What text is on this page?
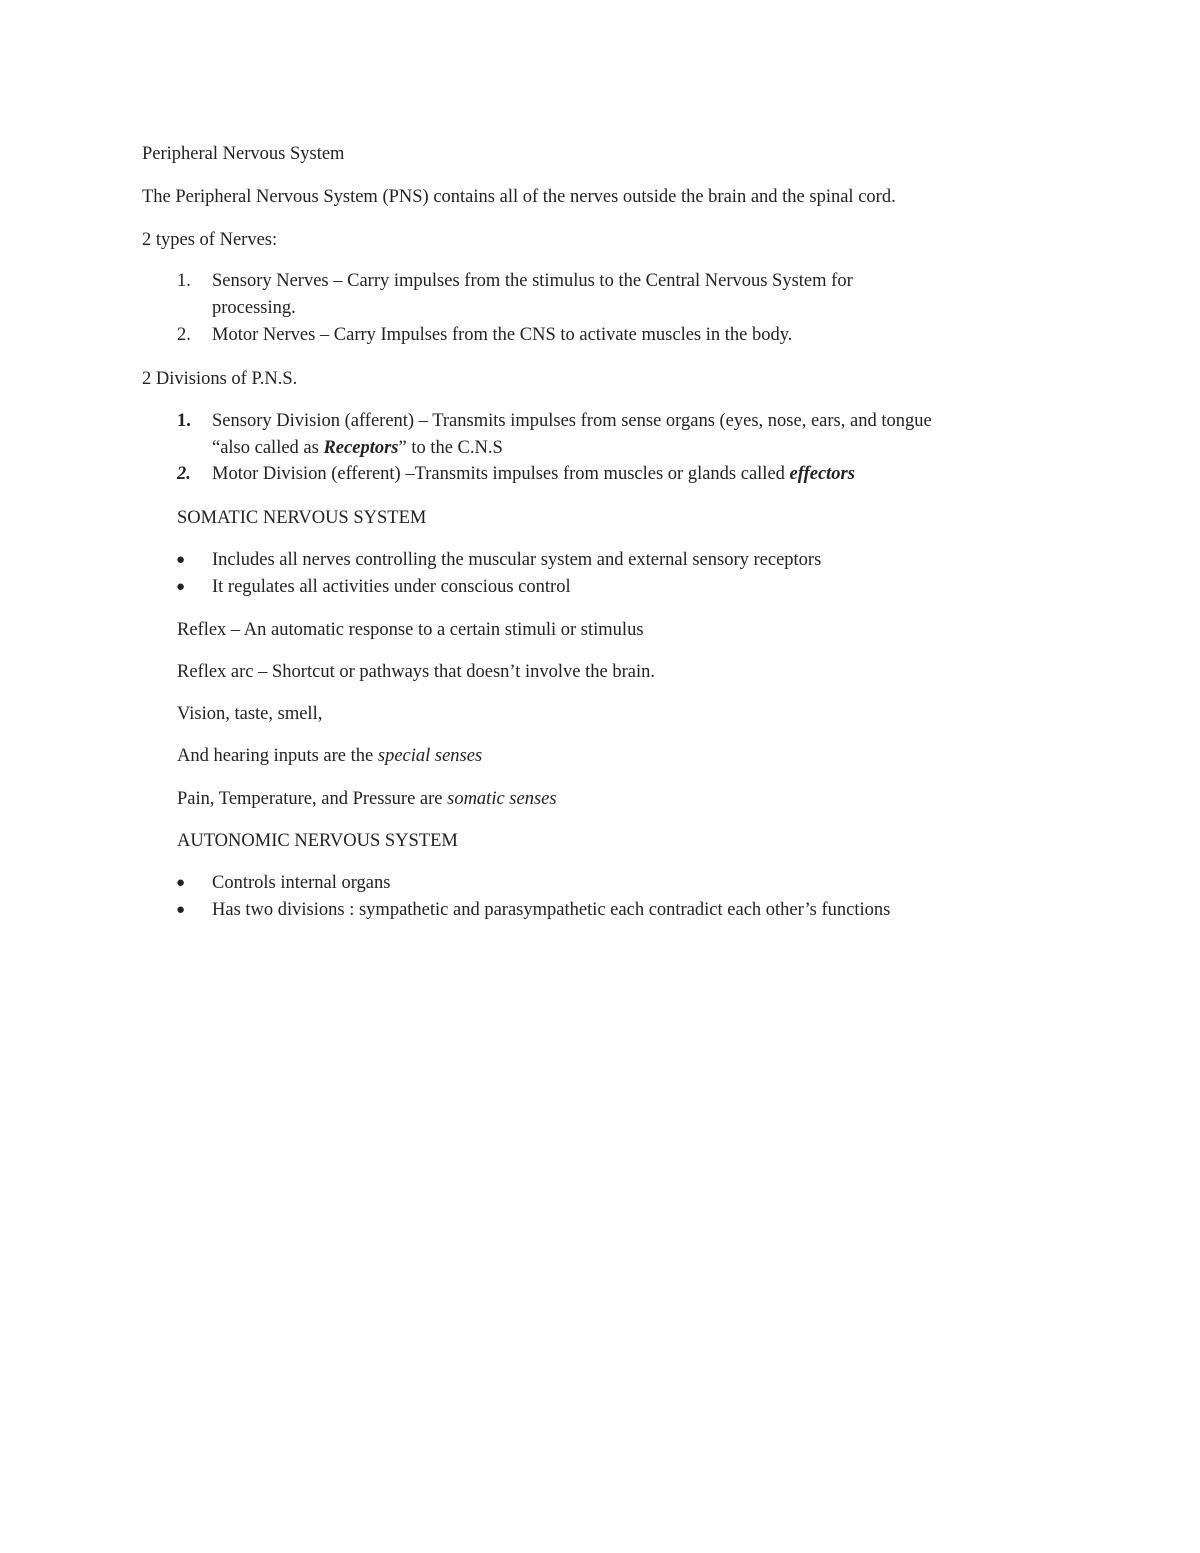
Peripheral Nervous System
The Peripheral Nervous System (PNS) contains all of the nerves outside the brain and the spinal cord.
2 types of Nerves:
1.	Sensory Nerves – Carry impulses from the stimulus to the Central Nervous System for
processing.
2.	Motor Nerves – Carry Impulses from the CNS to activate muscles in the body.
2 Divisions of P.N.S.
1.	Sensory Division (afferent) – Transmits impulses from sense organs (eyes, nose, ears, and tongue
“also called as Receptors” to the C.N.S
2.	Motor Division (efferent) –Transmits impulses from muscles or glands called effectors
SOMATIC NERVOUS SYSTEM
●	Includes all nerves controlling the muscular system and external sensory receptors
●	It regulates all activities under conscious control
Reflex – An automatic response to a certain stimuli or stimulus
Reflex arc – Shortcut or pathways that doesn’t involve the brain.
Vision, taste, smell,
And hearing inputs are the special senses
Pain, Temperature, and Pressure are somatic senses
AUTONOMIC NERVOUS SYSTEM
●	Controls internal organs
●	Has two divisions : sympathetic and parasympathetic each contradict each other’s functions
